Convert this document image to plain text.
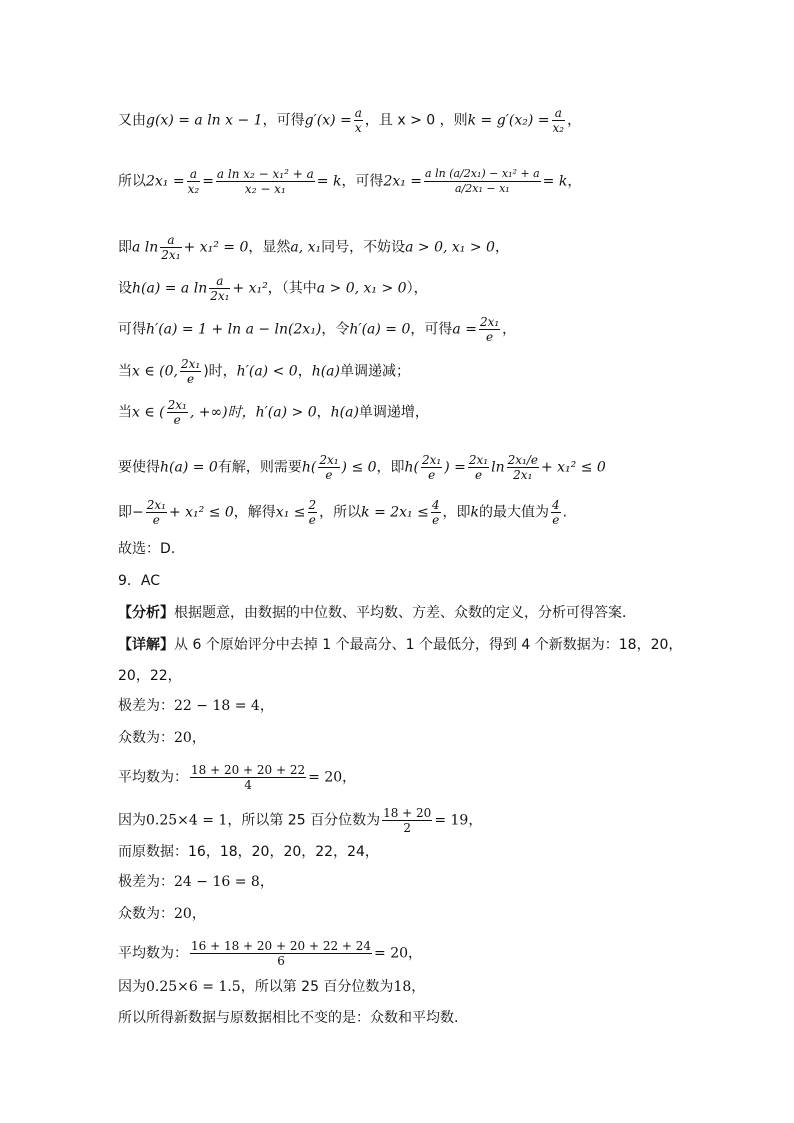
又由g(x) = a ln x − 1，可得$g'(x) = \frac{a}{x}$ ，且 x > 0 ，则$k = g'(x_2) = \frac{a}{\text{x₂}}$ ，
所以$2x_1 = \frac{a}{\text{x₂}} = \frac{\text{a ln x₂ − x₁² + a}}{\text{x₂ − x₁}} = k$，可得$2x_1 = \frac{\text{a ln (a/2x₁) − x₁² + a}}{\text{a/2x₁ − x₁}} = k$，
即a $\ln \frac{a}{\text{2x₁}} + x_1^2 = 0$，显然a, x₁同号，不妨设a > 0, x₁ > 0，
设h(a) = a $\ln \frac{a}{\text{2x₁}} + x_1^2$，（其中a > 0, x₁ > 0），
可得h′(a) = 1 + ln a − ln(2x₁)，令h′(a) = 0，可得$a = \frac{\text{2x₁}}{e}$ ，
当x ∈ (0, $\frac{\text{2x₁}}{e}$ )时，h′(a) < 0，h(a)单调递减；
当x ∈ ( $\frac{\text{2x₁}}{e}$ , +∞)时，h′(a) > 0，h(a)单调递增，
要使得h(a) = 0有解，则需要$h( \frac{\text{2x₁}}{e}$ ) ≤ 0，即$h( \frac{\text{2x₁}}{e}$ ) = $\frac{\text{2x₁}}{e}$ $\ln \frac{\text{2x₁/e}}{\text{2x₁}} + x_1^2 \le 0$
即− $\frac{\text{2x₁}}{e} + x_1^2 \le 0$，解得$x_1 \le \frac{2}{e}$ ，所以$k = 2x_1 \le \frac{4}{e}$ ，即k的最大值为 $\frac{4}{e}$ .
故选：D.
9．AC
【分析】根据题意，由数据的中位数、平均数、方差、众数的定义，分析可得答案．
【详解】从 6 个原始评分中去掉 1 个最高分、1 个最低分，得到 4 个新数据为：18，20，
20，22，
极差为：22 − 18 = 4，
众数为：20，
平均数为： $\frac{18 + 20 + 20 + 22}{4} = 20$，
因为0.25×4 = 1，所以第 25 百分位数为 $\frac{18 + 20}{2} = 19$，
而原数据：16，18，20，20，22，24，
极差为：24 − 16 = 8，
众数为：20，
平均数为： $\frac{16 + 18 + 20 + 20 + 22 + 24}{6} = 20$，
因为0.25×6 = 1.5，所以第 25 百分位数为18，
所以所得新数据与原数据相比不变的是：众数和平均数.
